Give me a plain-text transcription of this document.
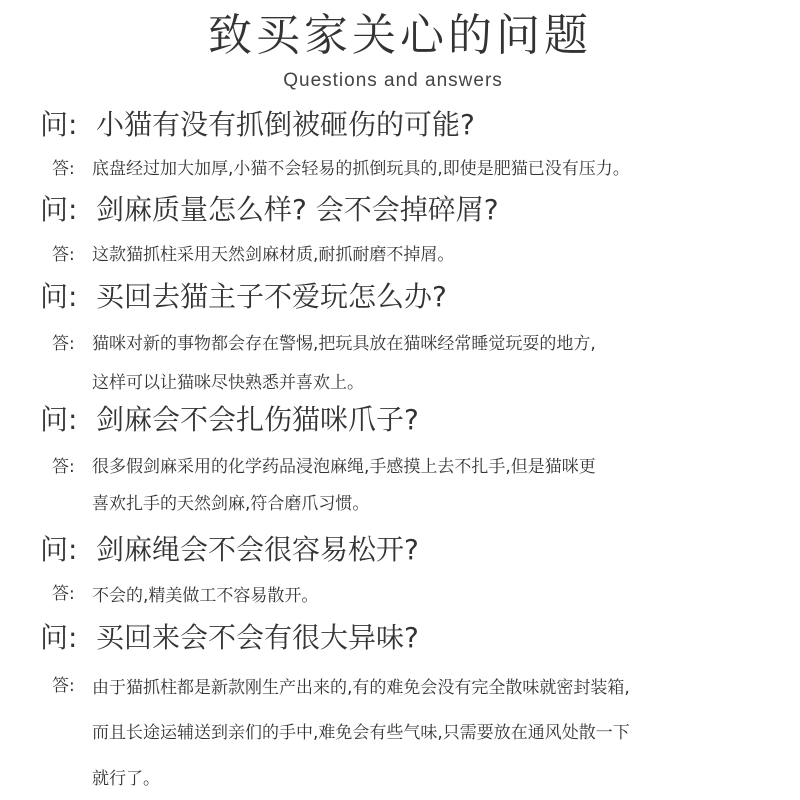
致买家关心的问题
Questions and answers
问: 小猫有没有抓倒被砸伤的可能?
答: 底盘经过加大加厚,小猫不会轻易的抓倒玩具的,即使是肥猫已没有压力。
问: 剑麻质量怎么样? 会不会掉碎屑?
答: 这款猫抓柱采用天然剑麻材质,耐抓耐磨不掉屑。
问: 买回去猫主子不爱玩怎么办?
答: 猫咪对新的事物都会存在警惕,把玩具放在猫咪经常睡觉玩耍的地方,
这样可以让猫咪尽快熟悉并喜欢上。
问: 剑麻会不会扎伤猫咪爪子?
答: 很多假剑麻采用的化学药品浸泡麻绳,手感摸上去不扎手,但是猫咪更
喜欢扎手的天然剑麻,符合磨爪习惯。
问: 剑麻绳会不会很容易松开?
答: 不会的,精美做工不容易散开。
问: 买回来会不会有很大异味?
答: 由于猫抓柱都是新款刚生产出来的,有的难免会没有完全散味就密封装箱,
而且长途运辅送到亲们的手中,难免会有些气味,只需要放在通风处散一下
就行了。
